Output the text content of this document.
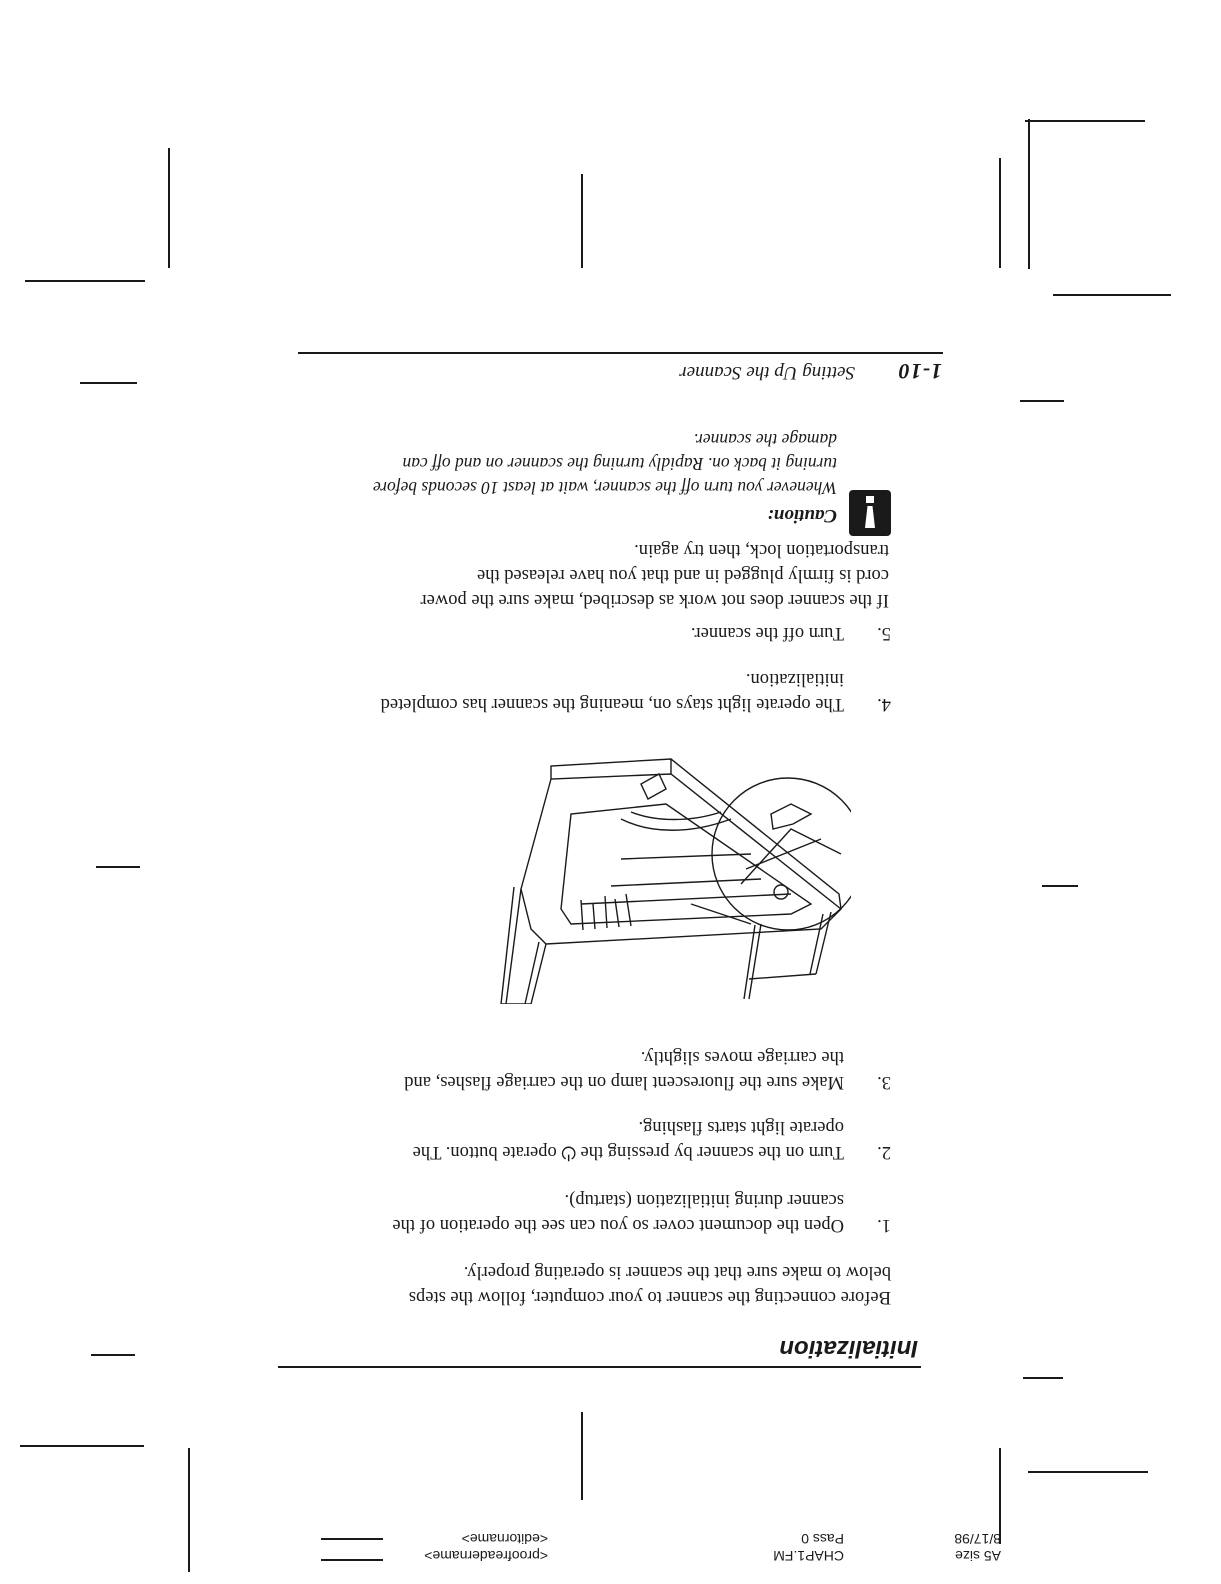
1-10
Setting Up the Scanner
Caution:
Whenever you turn off the scanner, wait at least 10 seconds before
turning it back on. Rapidly turning the scanner on and off can
damage the scanner.
If the scanner does not work as described, make sure the power
cord is firmly plugged in and that you have released the
transportation lock, then try again.
5.
Turn off the scanner.
4.
The operate light stays on, meaning the scanner has completed
initialization.
3.
Make sure the fluorescent lamp on the carriage flashes, and
the carriage moves slightly.
2.
Turn on the scanner by pressing the ⏻ operate button. The
operate light starts flashing.
1.
Open the document cover so you can see the operation of the
scanner during initialization (startup).
Before connecting the scanner to your computer, follow the steps
below to make sure that the scanner is operating properly.
Initialization
A5 size
8/17/98
CHAP1.FM
Pass 0
<proofreadername>
<editorname>
